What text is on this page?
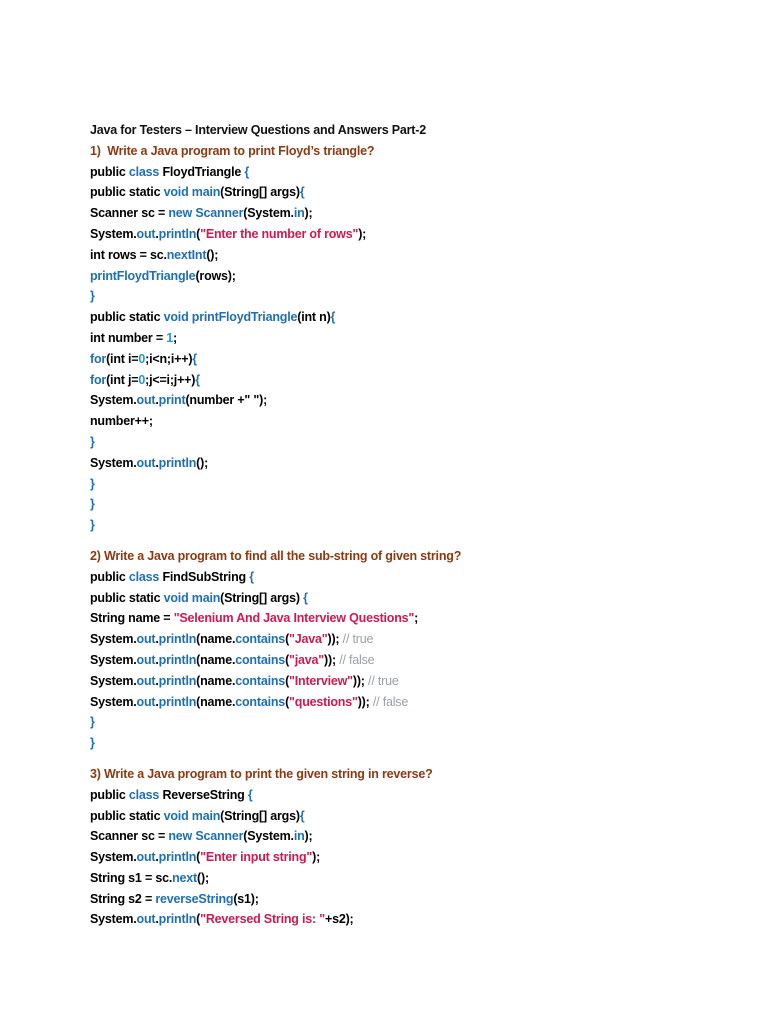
Java for Testers – Interview Questions and Answers Part-2
1)  Write a Java program to print Floyd’s triangle?
public class FloydTriangle {
public static void main(String[] args){
Scanner sc = new Scanner(System.in);
System.out.println("Enter the number of rows");
int rows = sc.nextInt();
printFloydTriangle(rows);
}
public static void printFloydTriangle(int n){
int number = 1;
for(int i=0;i<n;i++){
for(int j=0;j<=i;j++){
System.out.print(number +" ");
number++;
}
System.out.println();
}
}
}
2) Write a Java program to find all the sub-string of given string?
public class FindSubString {
public static void main(String[] args) {
String name = "Selenium And Java Interview Questions";
System.out.println(name.contains("Java")); // true
System.out.println(name.contains("java")); // false
System.out.println(name.contains("Interview")); // true
System.out.println(name.contains("questions")); // false
}
}
3) Write a Java program to print the given string in reverse?
public class ReverseString {
public static void main(String[] args){
Scanner sc = new Scanner(System.in);
System.out.println("Enter input string");
String s1 = sc.next();
String s2 = reverseString(s1);
System.out.println("Reversed String is: "+s2);
